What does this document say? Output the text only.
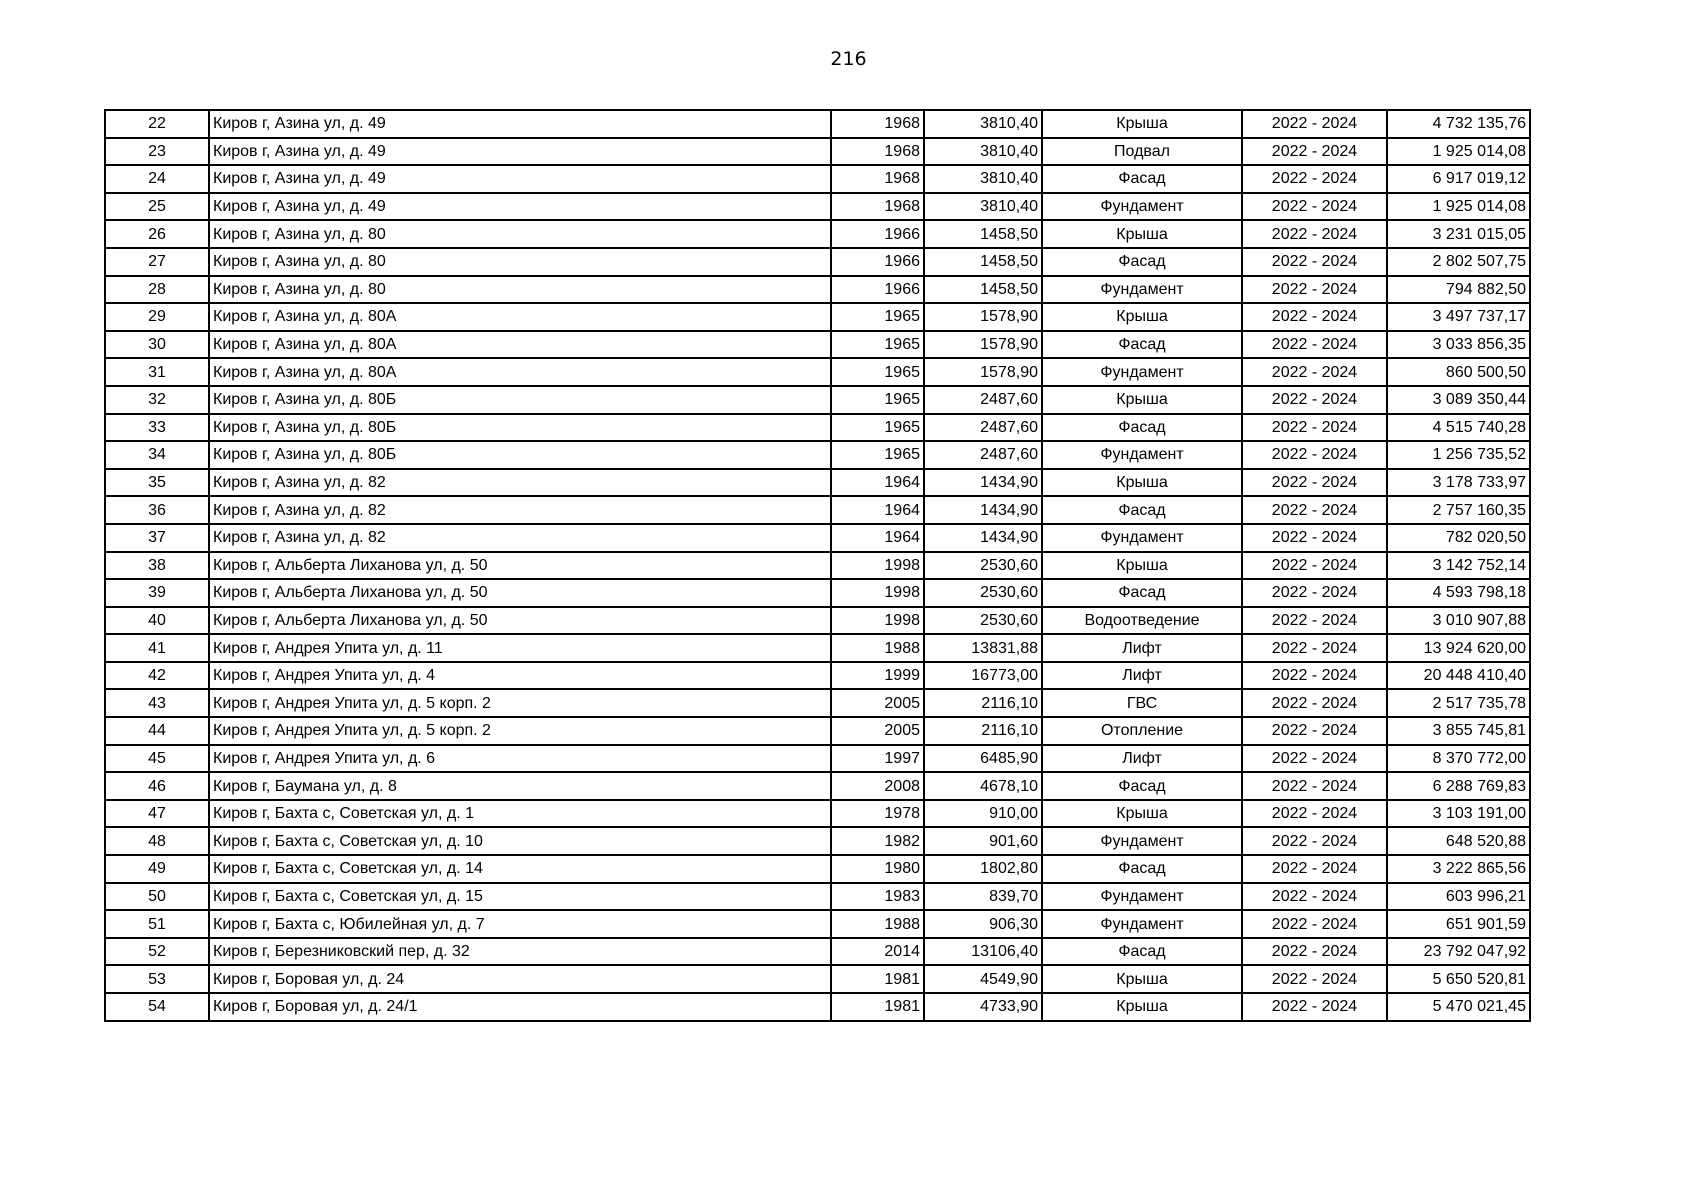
216
22	Киров г, Азина ул, д. 49	1968	3810,40	Крыша	2022 - 2024	4 732 135,76
23	Киров г, Азина ул, д. 49	1968	3810,40	Подвал	2022 - 2024	1 925 014,08
24	Киров г, Азина ул, д. 49	1968	3810,40	Фасад	2022 - 2024	6 917 019,12
25	Киров г, Азина ул, д. 49	1968	3810,40	Фундамент	2022 - 2024	1 925 014,08
26	Киров г, Азина ул, д. 80	1966	1458,50	Крыша	2022 - 2024	3 231 015,05
27	Киров г, Азина ул, д. 80	1966	1458,50	Фасад	2022 - 2024	2 802 507,75
28	Киров г, Азина ул, д. 80	1966	1458,50	Фундамент	2022 - 2024	794 882,50
29	Киров г, Азина ул, д. 80А	1965	1578,90	Крыша	2022 - 2024	3 497 737,17
30	Киров г, Азина ул, д. 80А	1965	1578,90	Фасад	2022 - 2024	3 033 856,35
31	Киров г, Азина ул, д. 80А	1965	1578,90	Фундамент	2022 - 2024	860 500,50
32	Киров г, Азина ул, д. 80Б	1965	2487,60	Крыша	2022 - 2024	3 089 350,44
33	Киров г, Азина ул, д. 80Б	1965	2487,60	Фасад	2022 - 2024	4 515 740,28
34	Киров г, Азина ул, д. 80Б	1965	2487,60	Фундамент	2022 - 2024	1 256 735,52
35	Киров г, Азина ул, д. 82	1964	1434,90	Крыша	2022 - 2024	3 178 733,97
36	Киров г, Азина ул, д. 82	1964	1434,90	Фасад	2022 - 2024	2 757 160,35
37	Киров г, Азина ул, д. 82	1964	1434,90	Фундамент	2022 - 2024	782 020,50
38	Киров г, Альберта Лиханова ул, д. 50	1998	2530,60	Крыша	2022 - 2024	3 142 752,14
39	Киров г, Альберта Лиханова ул, д. 50	1998	2530,60	Фасад	2022 - 2024	4 593 798,18
40	Киров г, Альберта Лиханова ул, д. 50	1998	2530,60	Водоотведение	2022 - 2024	3 010 907,88
41	Киров г, Андрея Упита ул, д. 11	1988	13831,88	Лифт	2022 - 2024	13 924 620,00
42	Киров г, Андрея Упита ул, д. 4	1999	16773,00	Лифт	2022 - 2024	20 448 410,40
43	Киров г, Андрея Упита ул, д. 5 корп. 2	2005	2116,10	ГВС	2022 - 2024	2 517 735,78
44	Киров г, Андрея Упита ул, д. 5 корп. 2	2005	2116,10	Отопление	2022 - 2024	3 855 745,81
45	Киров г, Андрея Упита ул, д. 6	1997	6485,90	Лифт	2022 - 2024	8 370 772,00
46	Киров г, Баумана ул, д. 8	2008	4678,10	Фасад	2022 - 2024	6 288 769,83
47	Киров г, Бахта с, Советская ул, д. 1	1978	910,00	Крыша	2022 - 2024	3 103 191,00
48	Киров г, Бахта с, Советская ул, д. 10	1982	901,60	Фундамент	2022 - 2024	648 520,88
49	Киров г, Бахта с, Советская ул, д. 14	1980	1802,80	Фасад	2022 - 2024	3 222 865,56
50	Киров г, Бахта с, Советская ул, д. 15	1983	839,70	Фундамент	2022 - 2024	603 996,21
51	Киров г, Бахта с, Юбилейная ул, д. 7	1988	906,30	Фундамент	2022 - 2024	651 901,59
52	Киров г, Березниковский пер, д. 32	2014	13106,40	Фасад	2022 - 2024	23 792 047,92
53	Киров г, Боровая ул, д. 24	1981	4549,90	Крыша	2022 - 2024	5 650 520,81
54	Киров г, Боровая ул, д. 24/1	1981	4733,90	Крыша	2022 - 2024	5 470 021,45
